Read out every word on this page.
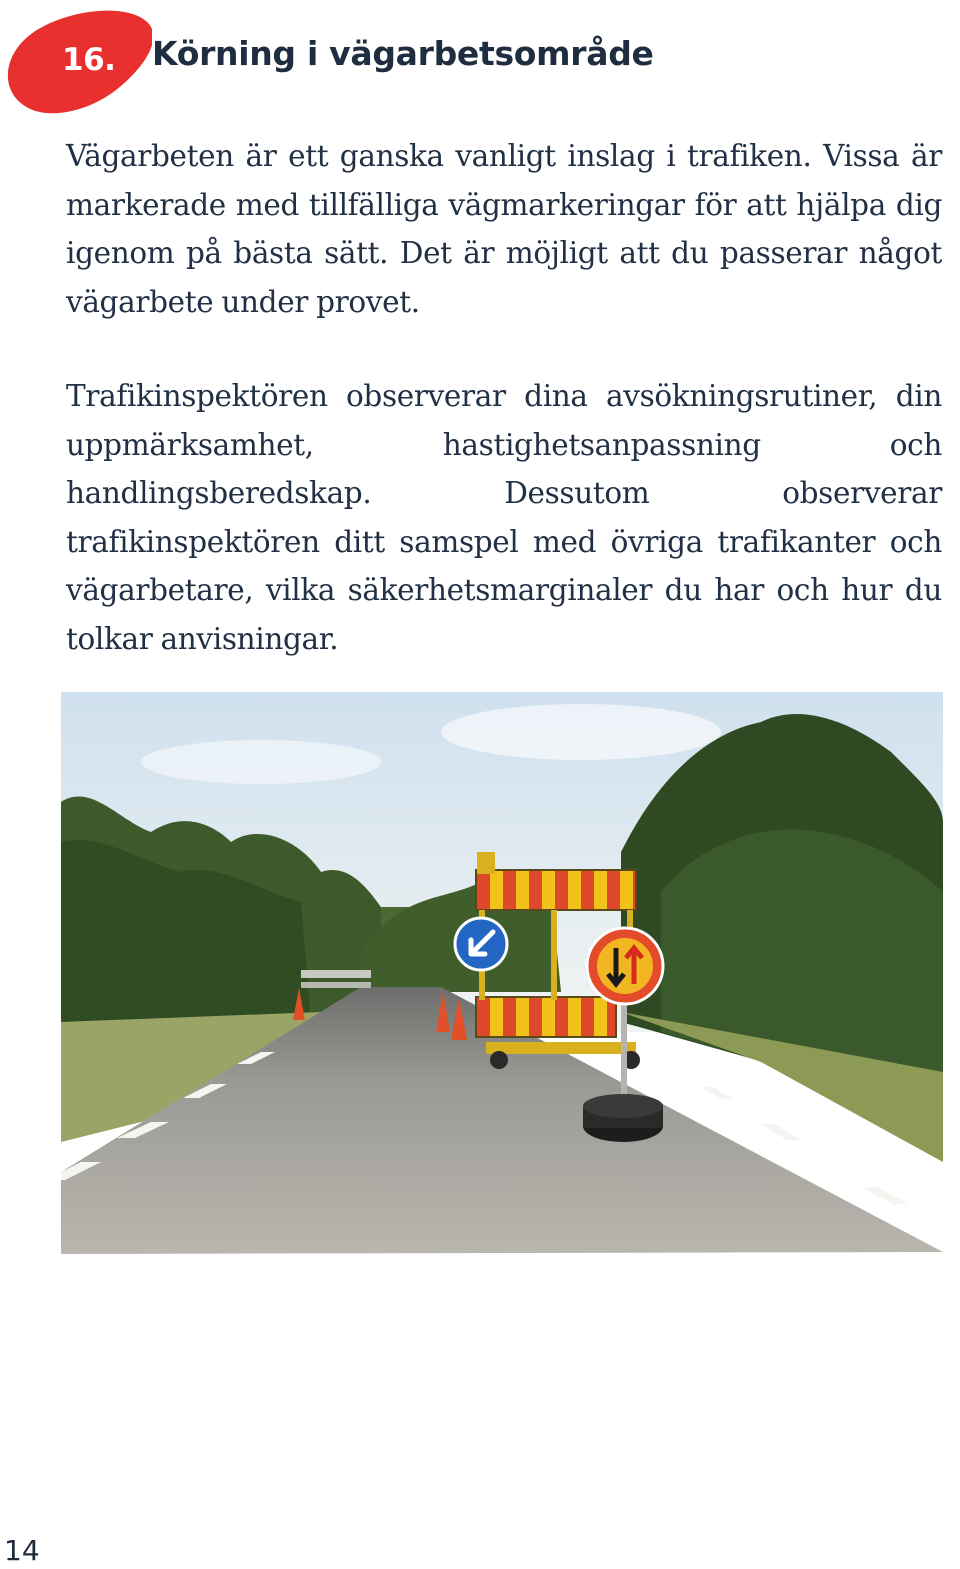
16. Körning i vägarbetsområde

Vägarbeten är ett ganska vanligt inslag i trafiken. Vissa är markerade med tillfälliga vägmarkeringar för att hjälpa dig igenom på bästa sätt. Det är möjligt att du passerar något vägarbete under provet.

Trafikinspektören observerar dina avsökningsrutiner, din uppmärksamhet, hastighetsanpassning och handlingsberedskap. Dessutom observerar trafikinspektören ditt samspel med övriga trafikanter och vägarbetare, vilka säkerhetsmarginaler du har och hur du tolkar anvisningar.

14
